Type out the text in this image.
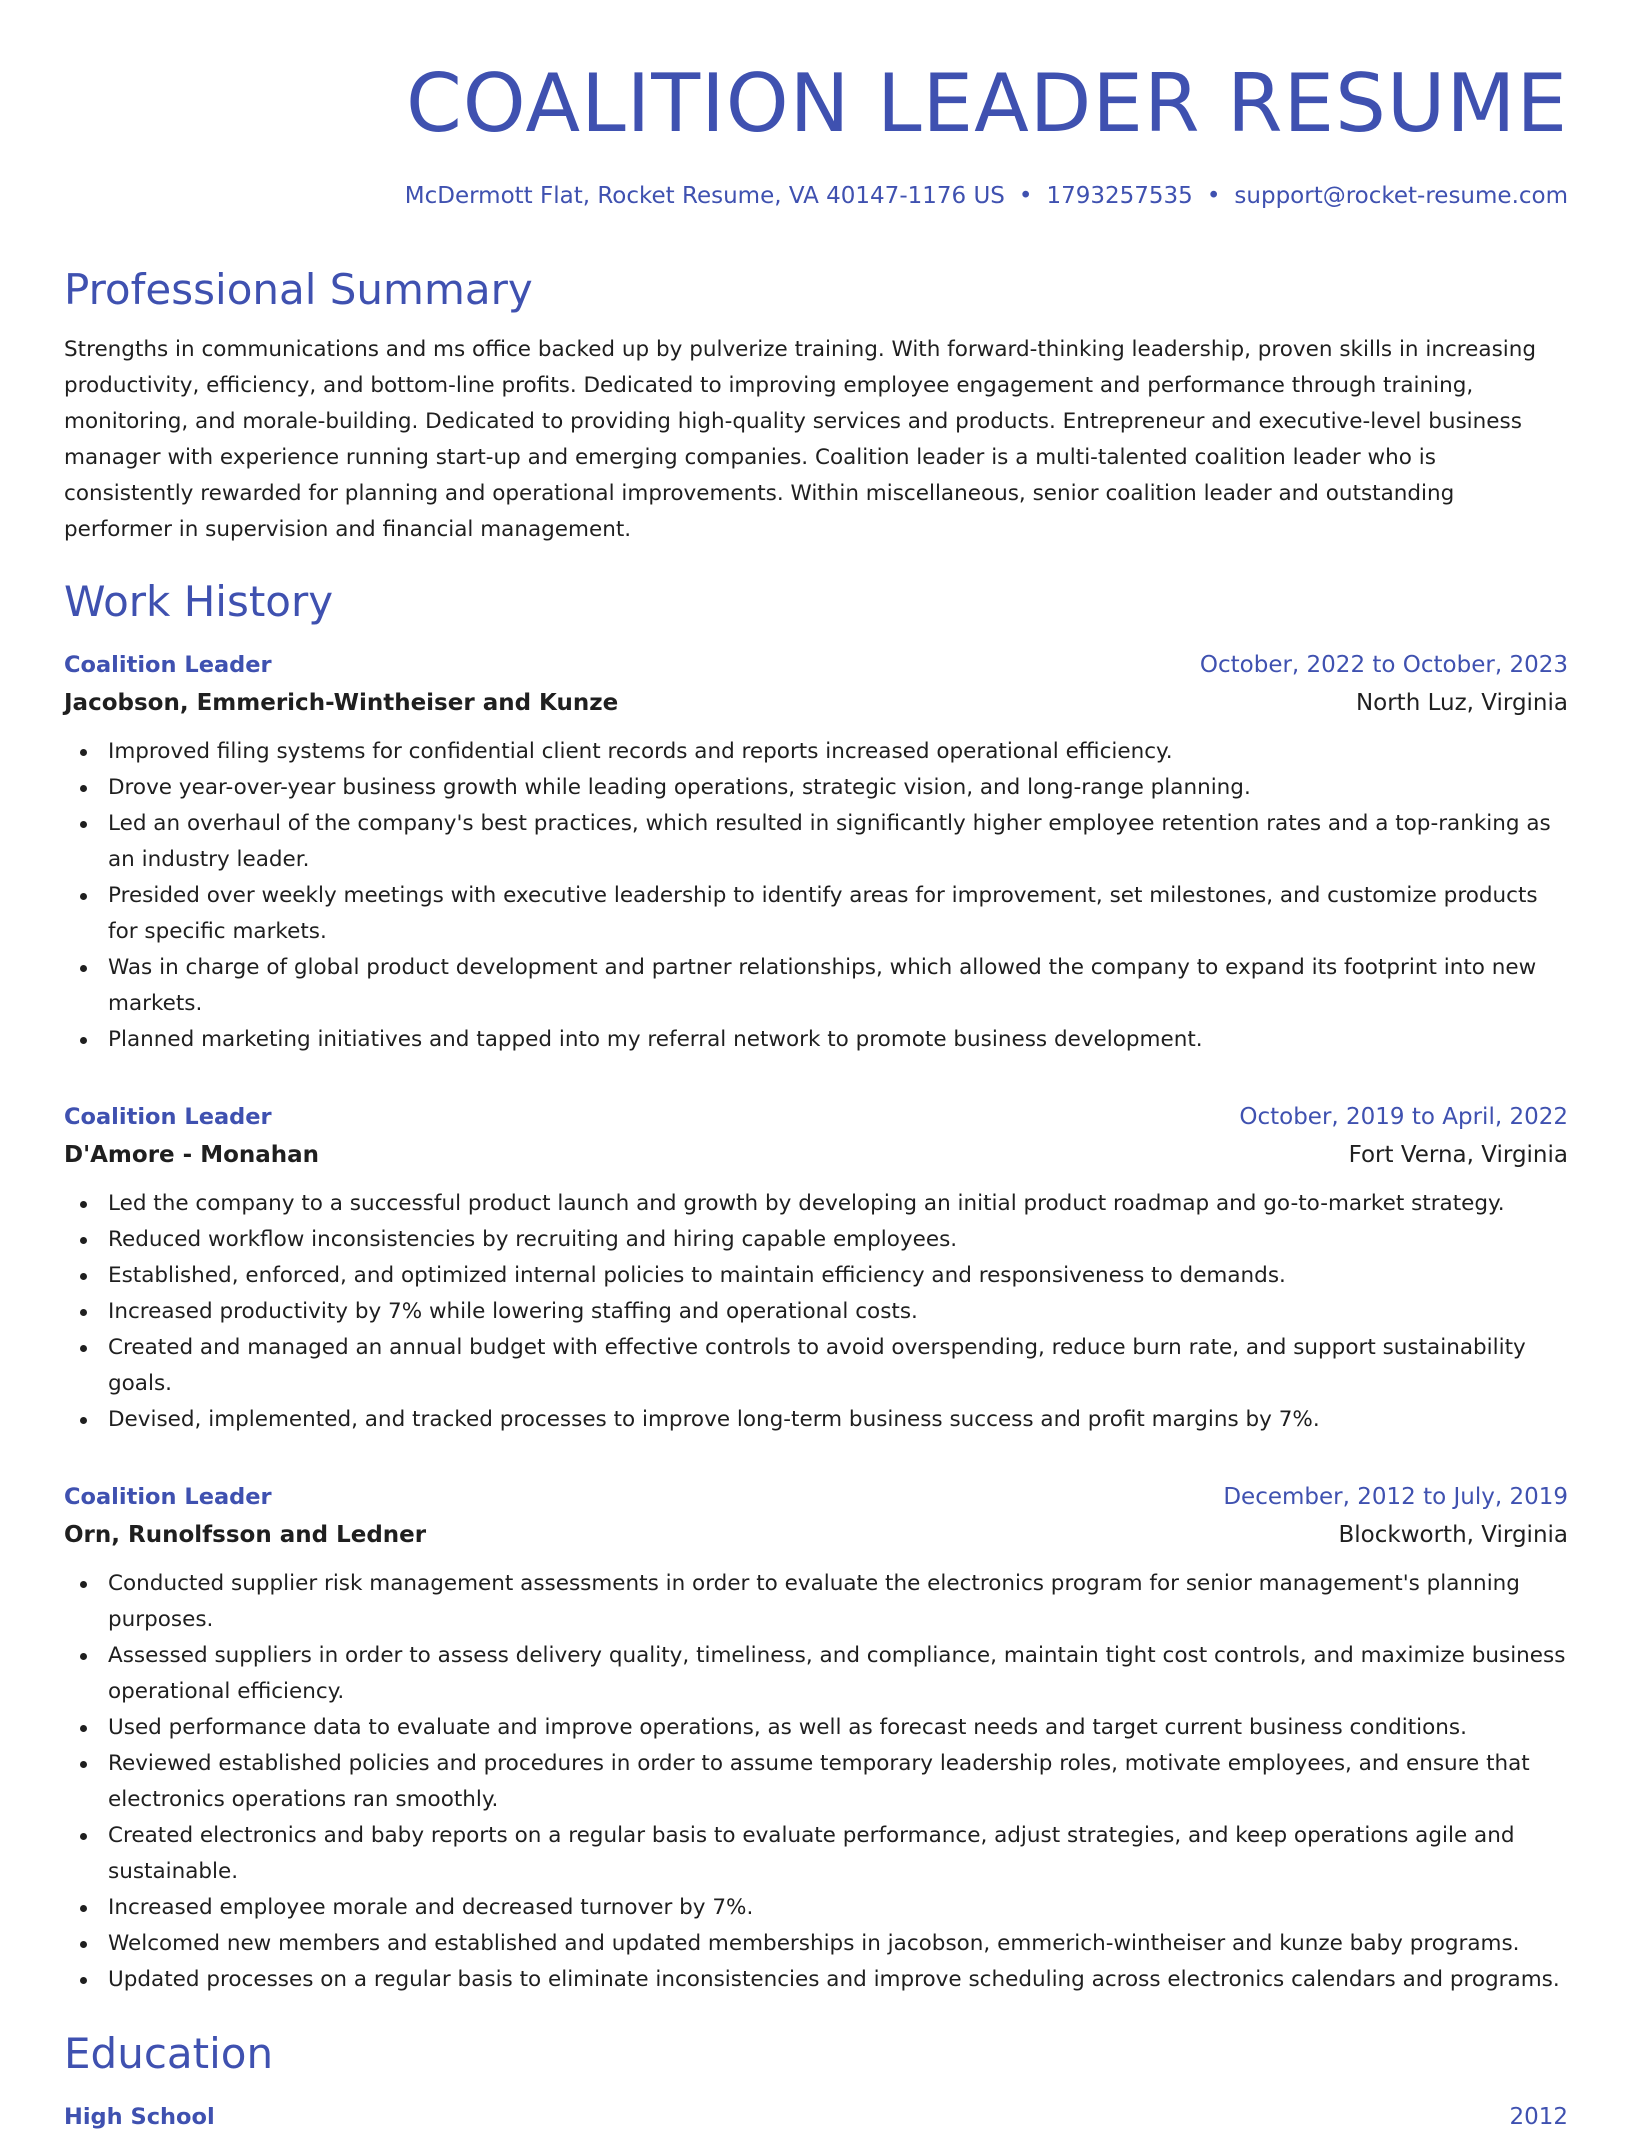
COALITION LEADER RESUME
McDermott Flat, Rocket Resume, VA 40147-1176 US • 1793257535 • support@rocket-resume.com
Professional Summary
Strengths in communications and ms office backed up by pulverize training. With forward-thinking leadership, proven skills in increasing productivity, efficiency, and bottom-line profits. Dedicated to improving employee engagement and performance through training, monitoring, and morale-building. Dedicated to providing high-quality services and products. Entrepreneur and executive-level business manager with experience running start-up and emerging companies. Coalition leader is a multi-talented coalition leader who is consistently rewarded for planning and operational improvements. Within miscellaneous, senior coalition leader and outstanding performer in supervision and financial management.
Work History
Coalition Leader	October, 2022 to October, 2023
Jacobson, Emmerich-Wintheiser and Kunze	North Luz, Virginia
Improved filing systems for confidential client records and reports increased operational efficiency.
Drove year-over-year business growth while leading operations, strategic vision, and long-range planning.
Led an overhaul of the company's best practices, which resulted in significantly higher employee retention rates and a top-ranking as an industry leader.
Presided over weekly meetings with executive leadership to identify areas for improvement, set milestones, and customize products for specific markets.
Was in charge of global product development and partner relationships, which allowed the company to expand its footprint into new markets.
Planned marketing initiatives and tapped into my referral network to promote business development.
Coalition Leader	October, 2019 to April, 2022
D'Amore - Monahan	Fort Verna, Virginia
Led the company to a successful product launch and growth by developing an initial product roadmap and go-to-market strategy.
Reduced workflow inconsistencies by recruiting and hiring capable employees.
Established, enforced, and optimized internal policies to maintain efficiency and responsiveness to demands.
Increased productivity by 7% while lowering staffing and operational costs.
Created and managed an annual budget with effective controls to avoid overspending, reduce burn rate, and support sustainability goals.
Devised, implemented, and tracked processes to improve long-term business success and profit margins by 7%.
Coalition Leader	December, 2012 to July, 2019
Orn, Runolfsson and Ledner	Blockworth, Virginia
Conducted supplier risk management assessments in order to evaluate the electronics program for senior management's planning purposes.
Assessed suppliers in order to assess delivery quality, timeliness, and compliance, maintain tight cost controls, and maximize business operational efficiency.
Used performance data to evaluate and improve operations, as well as forecast needs and target current business conditions.
Reviewed established policies and procedures in order to assume temporary leadership roles, motivate employees, and ensure that electronics operations ran smoothly.
Created electronics and baby reports on a regular basis to evaluate performance, adjust strategies, and keep operations agile and sustainable.
Increased employee morale and decreased turnover by 7%.
Welcomed new members and established and updated memberships in jacobson, emmerich-wintheiser and kunze baby programs.
Updated processes on a regular basis to eliminate inconsistencies and improve scheduling across electronics calendars and programs.
Education
High School	2012
